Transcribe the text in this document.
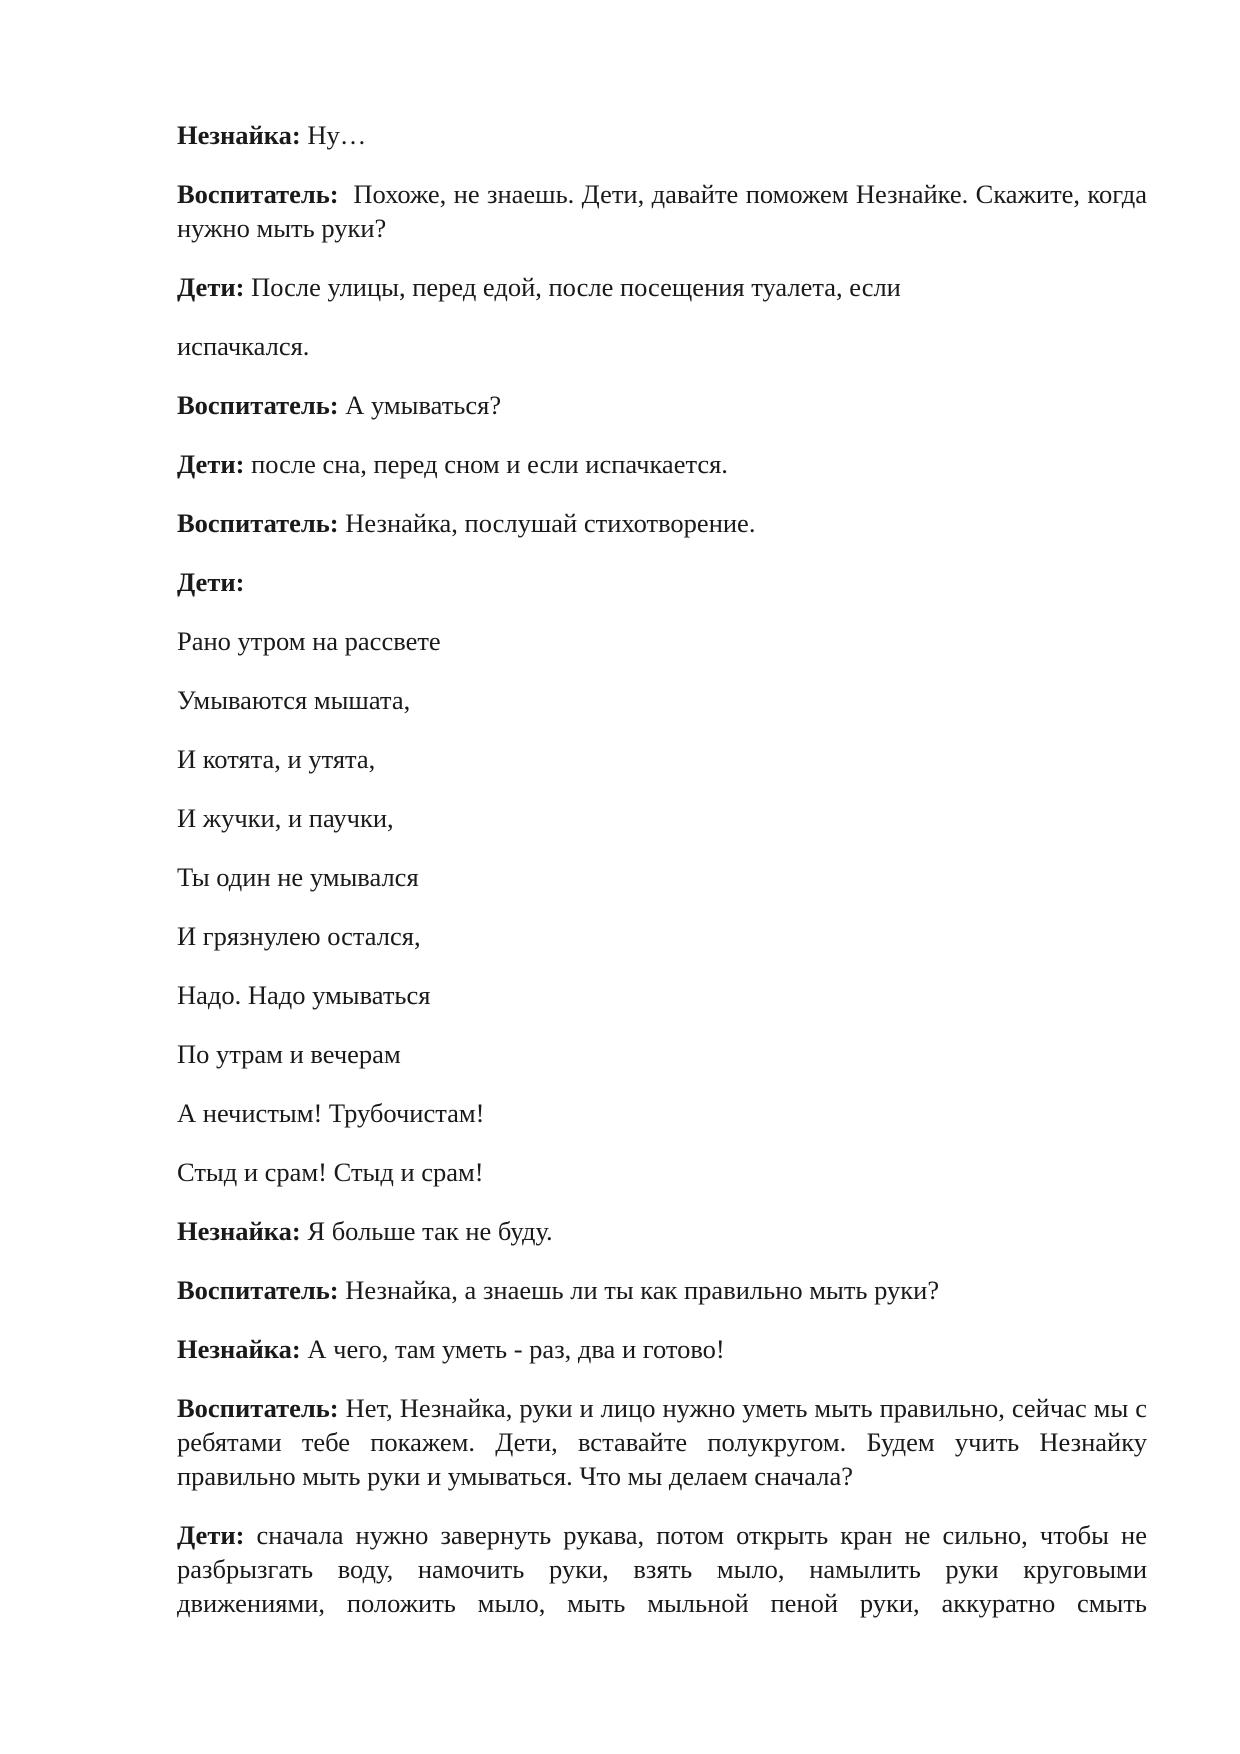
Незнайка: Ну…

Воспитатель:  Похоже, не знаешь. Дети, давайте поможем Незнайке. Скажите, когда нужно мыть руки?

Дети: После улицы, перед едой, после посещения туалета, если

испачкался.

Воспитатель: А умываться?

Дети: после сна, перед сном и если испачкается.

Воспитатель: Незнайка, послушай стихотворение.

Дети:

Рано утром на рассвете

Умываются мышата,

И котята, и утята,

И жучки, и паучки,

Ты один не умывался

И грязнулею остался,

Надо. Надо умываться

По утрам и вечерам

А нечистым! Трубочистам!

Стыд и срам! Стыд и срам!

Незнайка: Я больше так не буду.

Воспитатель: Незнайка, а знаешь ли ты как правильно мыть руки?

Незнайка: А чего, там уметь - раз, два и готово!

Воспитатель: Нет, Незнайка, руки и лицо нужно уметь мыть правильно, сейчас мы с ребятами тебе покажем. Дети, вставайте полукругом. Будем учить Незнайку правильно мыть руки и умываться. Что мы делаем сначала?

Дети: сначала нужно завернуть рукава, потом открыть кран не сильно, чтобы не разбрызгать воду, намочить руки, взять мыло, намылить руки круговыми движениями, положить мыло, мыть мыльной пеной руки, аккуратно смыть
